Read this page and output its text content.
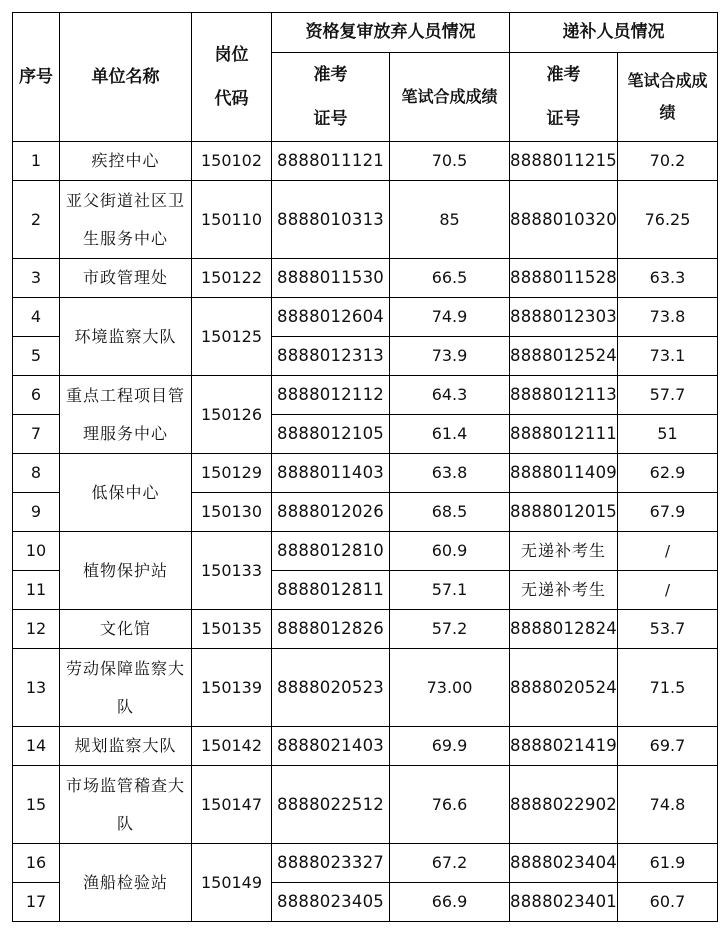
序号	单位名称	岗位代码	资格复审放弃人员情况		递补人员情况	
			准考证号	笔试合成成绩	准考证号	笔试合成成绩
1	疾控中心	150102	8888011121	70.5	8888011215	70.2
2	亚父街道社区卫生服务中心	150110	8888010313	85	8888010320	76.25
3	市政管理处	150122	8888011530	66.5	8888011528	63.3
4	环境监察大队	150125	8888012604	74.9	8888012303	73.8
5			8888012313	73.9	8888012524	73.1
6	重点工程项目管理服务中心	150126	8888012112	64.3	8888012113	57.7
7			8888012105	61.4	8888012111	51
8	低保中心	150129	8888011403	63.8	8888011409	62.9
9		150130	8888012026	68.5	8888012015	67.9
10	植物保护站	150133	8888012810	60.9	无递补考生	/
11			8888012811	57.1	无递补考生	/
12	文化馆	150135	8888012826	57.2	8888012824	53.7
13	劳动保障监察大队	150139	8888020523	73.00	8888020524	71.5
14	规划监察大队	150142	8888021403	69.9	8888021419	69.7
15	市场监管稽查大队	150147	8888022512	76.6	8888022902	74.8
16	渔船检验站	150149	8888023327	67.2	8888023404	61.9
17			8888023405	66.9	8888023401	60.7
